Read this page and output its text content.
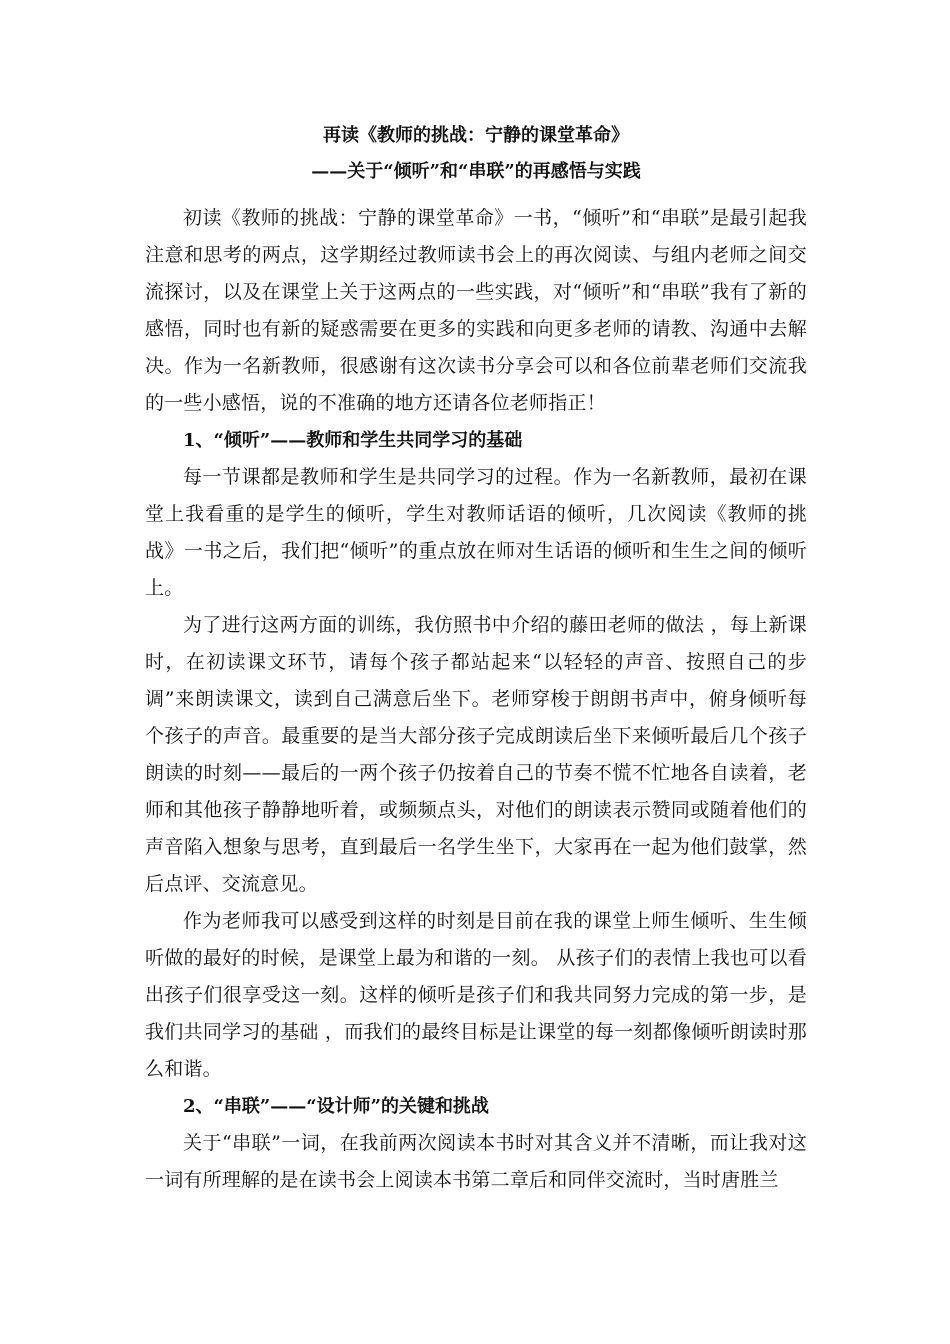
再读《教师的挑战：宁静的课堂革命》
——关于“倾听”和“串联”的再感悟与实践

初读《教师的挑战：宁静的课堂革命》一书，“倾听”和“串联”是最引起我注意和思考的两点，这学期经过教师读书会上的再次阅读、与组内老师之间交流探讨，以及在课堂上关于这两点的一些实践，对“倾听”和“串联”我有了新的感悟，同时也有新的疑惑需要在更多的实践和向更多老师的请教、沟通中去解决。作为一名新教师，很感谢有这次读书分享会可以和各位前辈老师们交流我的一些小感悟，说的不准确的地方还请各位老师指正！

1、“倾听”——教师和学生共同学习的基础

每一节课都是教师和学生是共同学习的过程。作为一名新教师，最初在课堂上我看重的是学生的倾听，学生对教师话语的倾听，几次阅读《教师的挑战》一书之后，我们把“倾听”的重点放在师对生话语的倾听和生生之间的倾听上。

为了进行这两方面的训练，我仿照书中介绍的藤田老师的做法 ，每上新课时，在初读课文环节，请每个孩子都站起来“以轻轻的声音、按照自己的步调”来朗读课文，读到自己满意后坐下。老师穿梭于朗朗书声中，俯身倾听每个孩子的声音。最重要的是当大部分孩子完成朗读后坐下来倾听最后几个孩子朗读的时刻——最后的一两个孩子仍按着自己的节奏不慌不忙地各自读着，老师和其他孩子静静地听着，或频频点头，对他们的朗读表示赞同或随着他们的声音陷入想象与思考，直到最后一名学生坐下，大家再在一起为他们鼓掌，然后点评、交流意见。

作为老师我可以感受到这样的时刻是目前在我的课堂上师生倾听、生生倾听做的最好的时候，是课堂上最为和谐的一刻。 从孩子们的表情上我也可以看出孩子们很享受这一刻。这样的倾听是孩子们和我共同努力完成的第一步，是我们共同学习的基础 ，而我们的最终目标是让课堂的每一刻都像倾听朗读时那么和谐。

2、“串联”——“设计师”的关键和挑战

关于“串联”一词，在我前两次阅读本书时对其含义并不清晰，而让我对这一词有所理解的是在读书会上阅读本书第二章后和同伴交流时，当时唐胜兰
